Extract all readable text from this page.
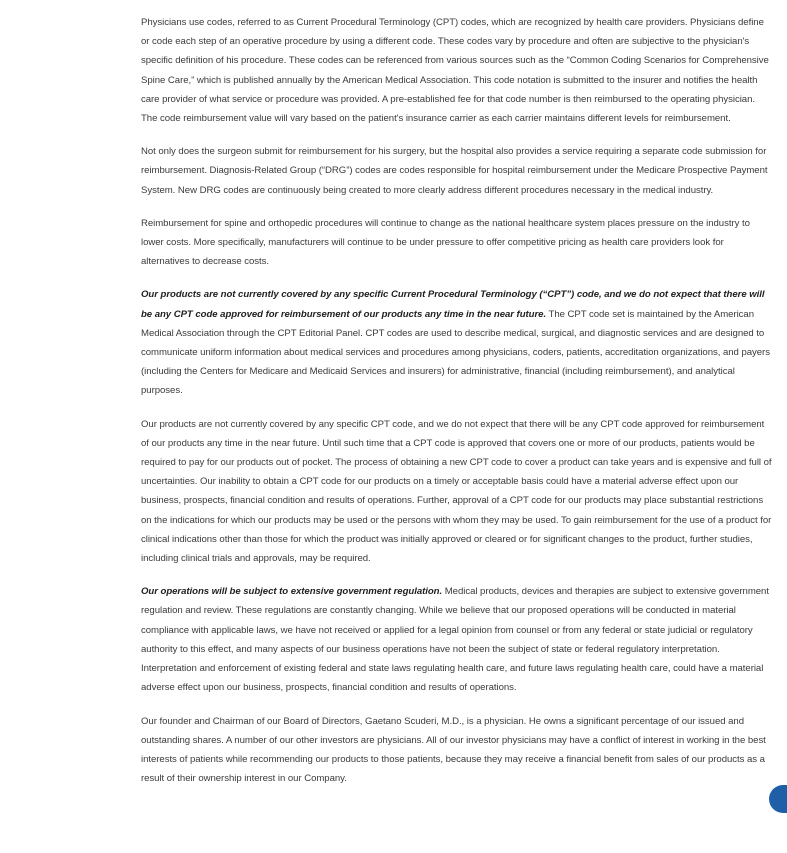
Physicians use codes, referred to as Current Procedural Terminology (CPT) codes, which are recognized by health care providers. Physicians define or code each step of an operative procedure by using a different code. These codes vary by procedure and often are subjective to the physician's specific definition of his procedure. These codes can be referenced from various sources such as the “Common Coding Scenarios for Comprehensive Spine Care,” which is published annually by the American Medical Association. This code notation is submitted to the insurer and notifies the health care provider of what service or procedure was provided. A pre-established fee for that code number is then reimbursed to the operating physician. The code reimbursement value will vary based on the patient's insurance carrier as each carrier maintains different levels for reimbursement.

Not only does the surgeon submit for reimbursement for his surgery, but the hospital also provides a service requiring a separate code submission for reimbursement. Diagnosis-Related Group (“DRG”) codes are codes responsible for hospital reimbursement under the Medicare Prospective Payment System. New DRG codes are continuously being created to more clearly address different procedures necessary in the medical industry.

Reimbursement for spine and orthopedic procedures will continue to change as the national healthcare system places pressure on the industry to lower costs. More specifically, manufacturers will continue to be under pressure to offer competitive pricing as health care providers look for alternatives to decrease costs.

Our products are not currently covered by any specific Current Procedural Terminology (“CPT”) code, and we do not expect that there will be any CPT code approved for reimbursement of our products any time in the near future. The CPT code set is maintained by the American Medical Association through the CPT Editorial Panel. CPT codes are used to describe medical, surgical, and diagnostic services and are designed to communicate uniform information about medical services and procedures among physicians, coders, patients, accreditation organizations, and payers (including the Centers for Medicare and Medicaid Services and insurers) for administrative, financial (including reimbursement), and analytical purposes.

Our products are not currently covered by any specific CPT code, and we do not expect that there will be any CPT code approved for reimbursement of our products any time in the near future. Until such time that a CPT code is approved that covers one or more of our products, patients would be required to pay for our products out of pocket. The process of obtaining a new CPT code to cover a product can take years and is expensive and full of uncertainties. Our inability to obtain a CPT code for our products on a timely or acceptable basis could have a material adverse effect upon our business, prospects, financial condition and results of operations. Further, approval of a CPT code for our products may place substantial restrictions on the indications for which our products may be used or the persons with whom they may be used. To gain reimbursement for the use of a product for clinical indications other than those for which the product was initially approved or cleared or for significant changes to the product, further studies, including clinical trials and approvals, may be required.

Our operations will be subject to extensive government regulation. Medical products, devices and therapies are subject to extensive government regulation and review. These regulations are constantly changing. While we believe that our proposed operations will be conducted in material compliance with applicable laws, we have not received or applied for a legal opinion from counsel or from any federal or state judicial or regulatory authority to this effect, and many aspects of our business operations have not been the subject of state or federal regulatory interpretation. Interpretation and enforcement of existing federal and state laws regulating health care, and future laws regulating health care, could have a material adverse effect upon our business, prospects, financial condition and results of operations.

Our founder and Chairman of our Board of Directors, Gaetano Scuderi, M.D., is a physician. He owns a significant percentage of our issued and outstanding shares. A number of our other investors are physicians. All of our investor physicians may have a conflict of interest in working in the best interests of patients while recommending our products to those patients, because they may receive a financial benefit from sales of our products as a result of their ownership interest in our Company.
